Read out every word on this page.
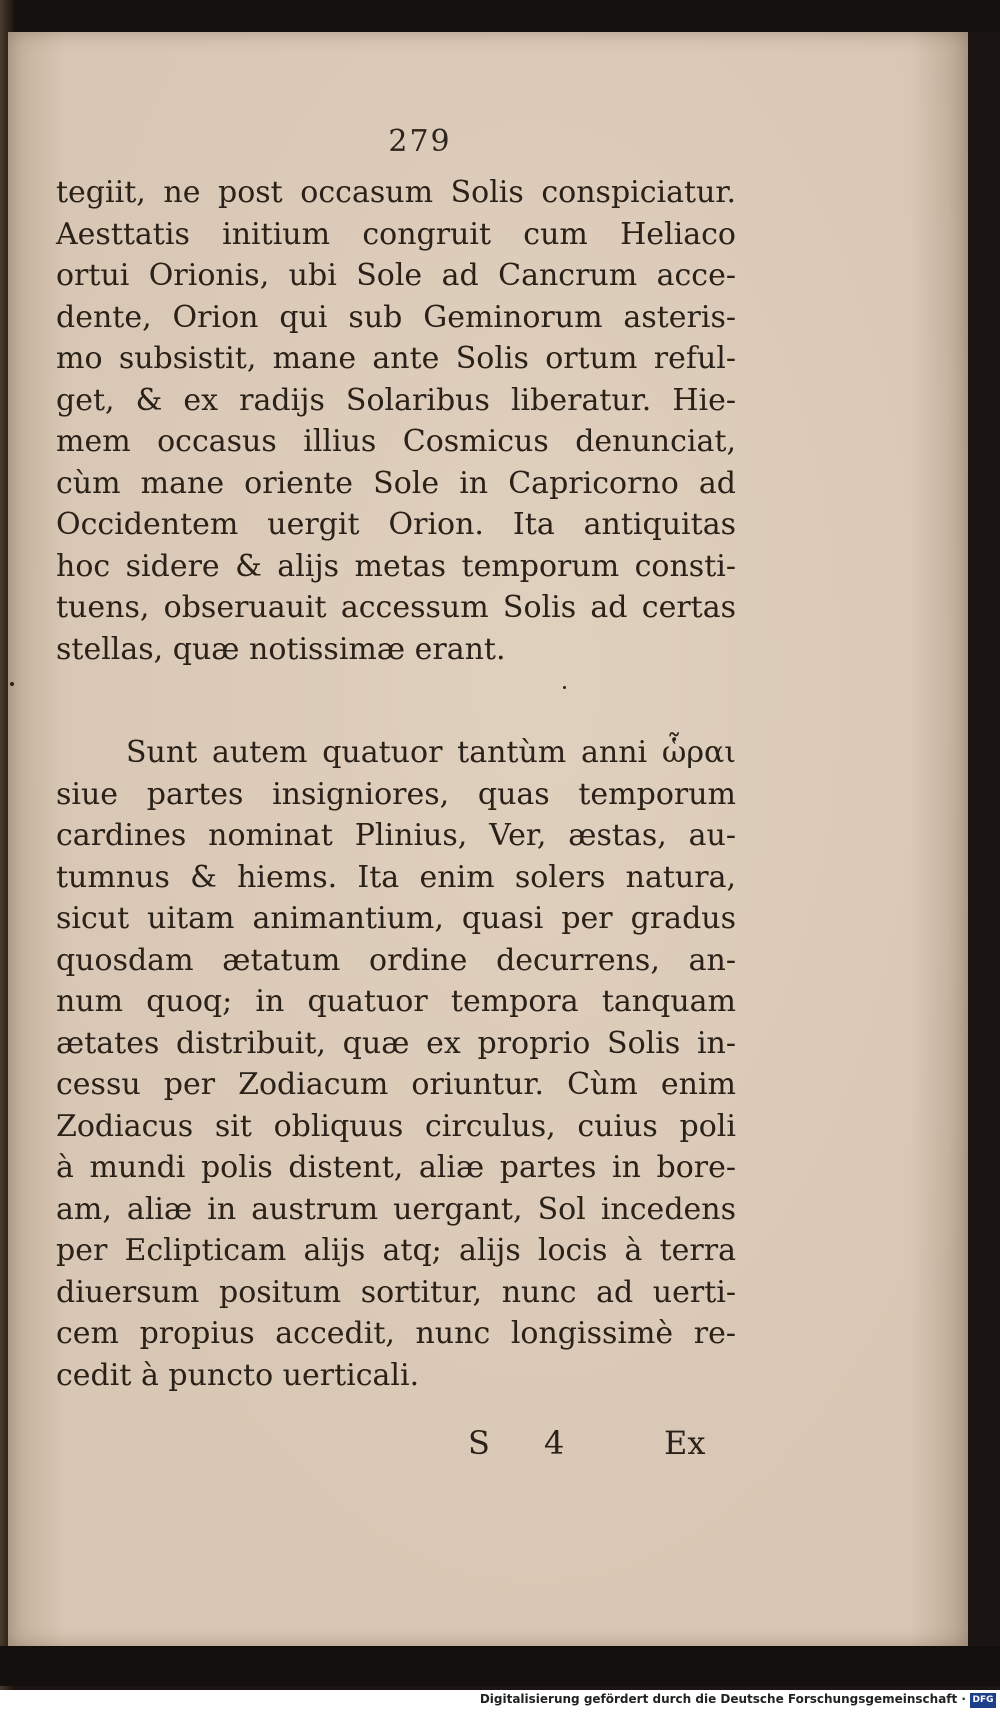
279
tegiit, ne post occasum Solis conspiciatur.
Aesttatis initium congruit cum Heliaco
ortui Orionis, ubi Sole ad Cancrum acce-
dente, Orion qui sub Geminorum asteris-
mo subsistit, mane ante Solis ortum reful-
get, & ex radijs Solaribus liberatur. Hie-
mem occasus illius Cosmicus denunciat,
cùm mane oriente Sole in Capricorno ad
Occidentem uergit Orion. Ita antiquitas
hoc sidere & alijs metas temporum consti-
tuens, obseruauit accessum Solis ad certas
stellas, quæ notissimæ erant.
Sunt autem quatuor tantùm anni ὧραι
siue partes insigniores, quas temporum
cardines nominat Plinius, Ver, æstas, au-
tumnus & hiems. Ita enim solers natura,
sicut uitam animantium, quasi per gradus
quosdam ætatum ordine decurrens, an-
num quoq; in quatuor tempora tanquam
ætates distribuit, quæ ex proprio Solis in-
cessu per Zodiacum oriuntur. Cùm enim
Zodiacus sit obliquus circulus, cuius poli
à mundi polis distent, aliæ partes in bore-
am, aliæ in austrum uergant, Sol incedens
per Eclipticam alijs atq; alijs locis à terra
diuersum positum sortitur, nunc ad uerti-
cem propius accedit, nunc longissimè re-
cedit à puncto uerticali.
S 4	Ex
Digitalisierung gefördert durch die Deutsche Forschungsgemeinschaft · DFG
